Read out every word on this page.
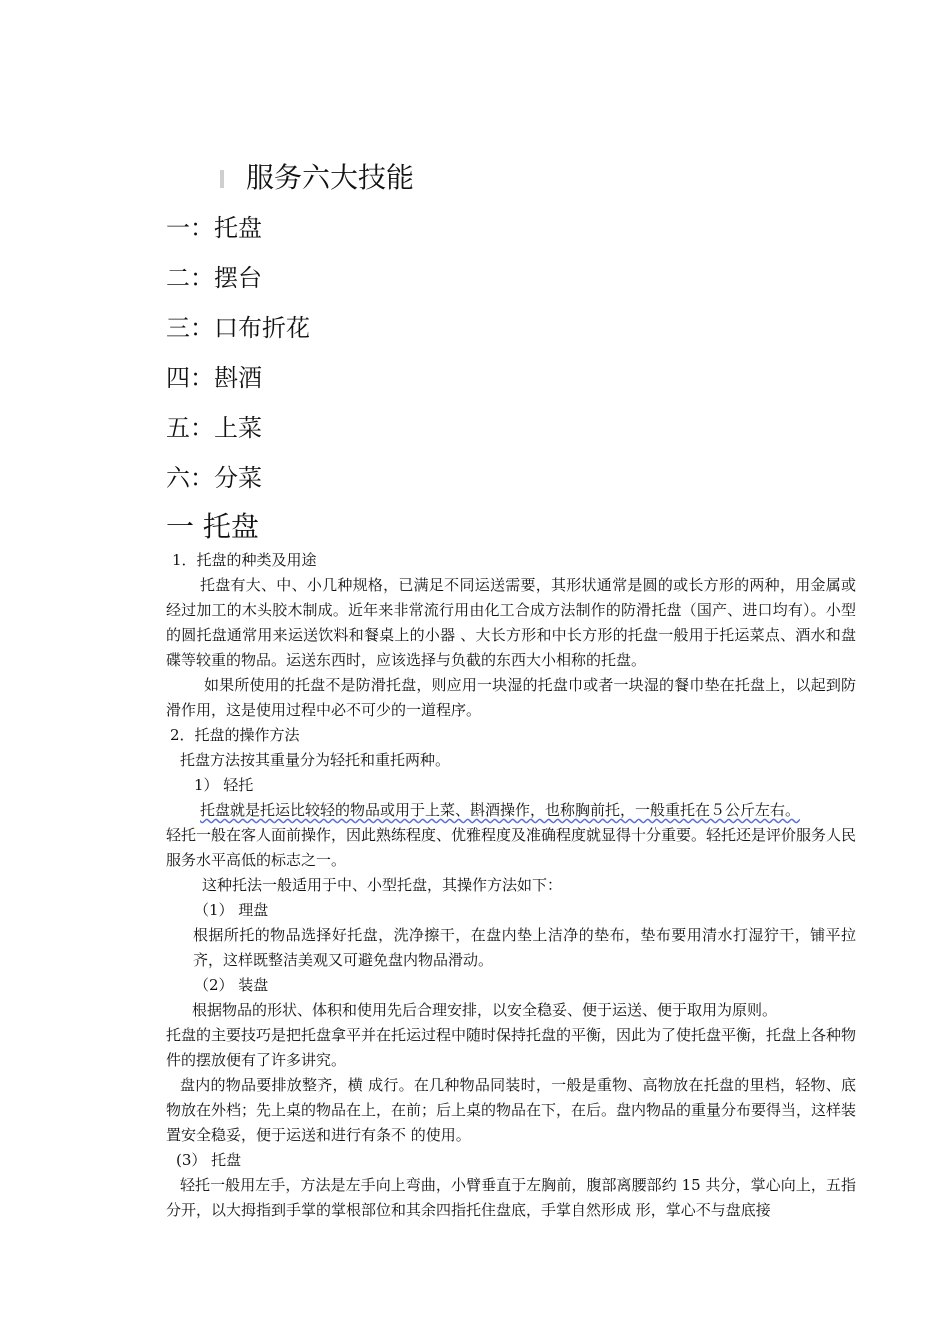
服务六大技能
一：托盘
二：摆台
三：口布折花
四：斟酒
五：上菜
六：分菜
一 托盘
1．托盘的种类及用途
托盘有大、中、小几种规格，已满足不同运送需要，其形状通常是圆的或长方形的两种，用金属或经过加工的木头胶木制成。近年来非常流行用由化工合成方法制作的防滑托盘（国产、进口均有）。小型的圆托盘通常用来运送饮料和餐桌上的小器 、大长方形和中长方形的托盘一般用于托运菜点、酒水和盘碟等较重的物品。运送东西时，应该选择与负截的东西大小相称的托盘。
如果所使用的托盘不是防滑托盘，则应用一块湿的托盘巾或者一块湿的餐巾垫在托盘上，以起到防滑作用，这是使用过程中必不可少的一道程序。
2．托盘的操作方法
托盘方法按其重量分为轻托和重托两种。
1） 轻托
托盘就是托运比较轻的物品或用于上菜、斟酒操作，也称胸前托，一般重托在５公斤左右。
轻托一般在客人面前操作，因此熟练程度、优雅程度及准确程度就显得十分重要。轻托还是评价服务人民服务水平高低的标志之一。
这种托法一般适用于中、小型托盘，其操作方法如下：
（1） 理盘
根据所托的物品选择好托盘，洗净擦干，在盘内垫上洁净的垫布，垫布要用清水打湿狞干，铺平拉齐，这样既整洁美观又可避免盘内物品滑动。
（2） 装盘
根据物品的形状、体积和使用先后合理安排，以安全稳妥、便于运送、便于取用为原则。
托盘的主要技巧是把托盘拿平并在托运过程中随时保持托盘的平衡，因此为了使托盘平衡，托盘上各种物件的摆放便有了许多讲究。
盘内的物品要排放整齐，横 成行。在几种物品同装时，一般是重物、高物放在托盘的里档，轻物、底物放在外档；先上桌的物品在上，在前；后上桌的物品在下，在后。盘内物品的重量分布要得当，这样装置安全稳妥，便于运送和进行有条不 的使用。
(3） 托盘
轻托一般用左手，方法是左手向上弯曲，小臂垂直于左胸前，腹部离腰部约 15 共分，掌心向上，五指分开，以大拇指到手掌的掌根部位和其余四指托住盘底，手掌自然形成 形，掌心不与盘底接
